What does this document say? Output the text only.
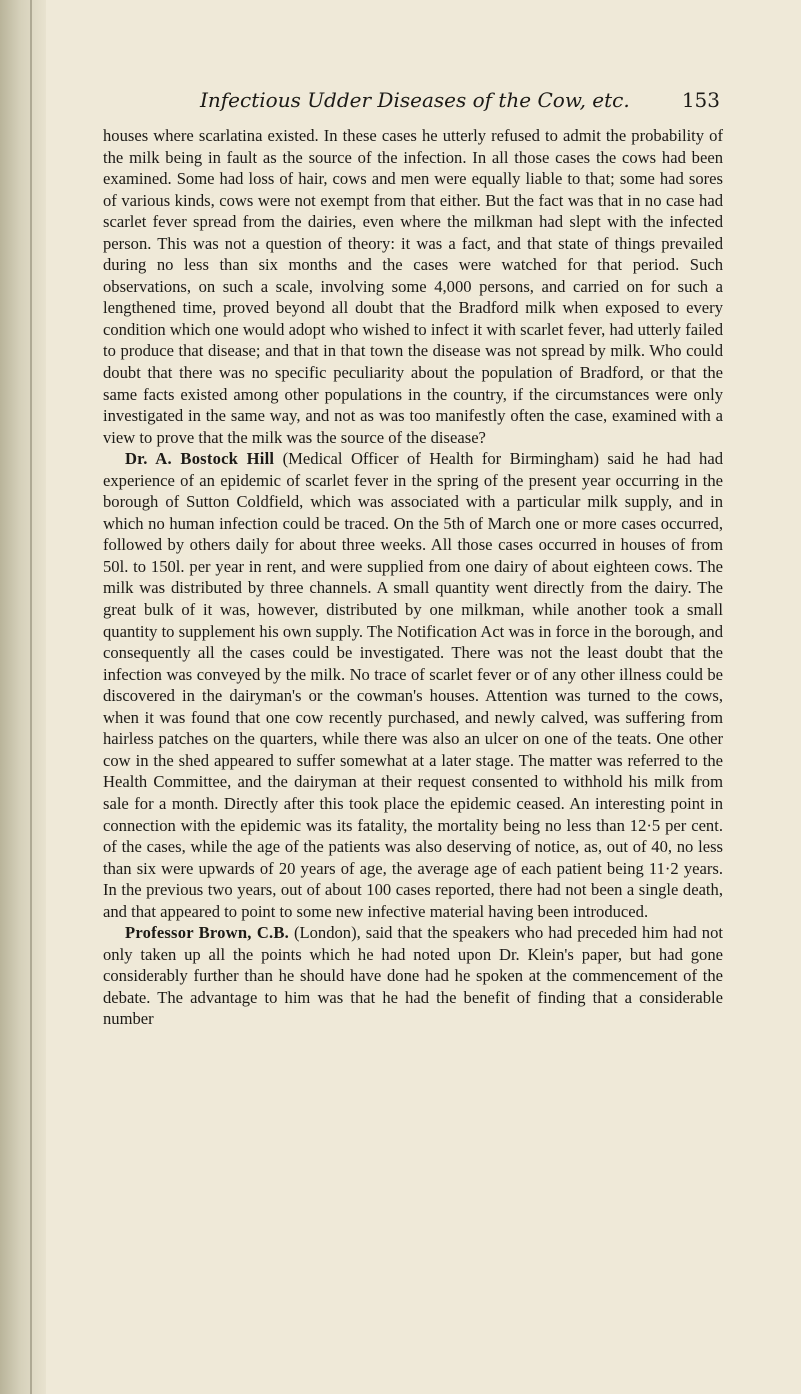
Infectious Udder Diseases of the Cow, etc.	153

houses where scarlatina existed. In these cases he utterly refused to admit the probability of the milk being in fault as the source of the infection. In all those cases the cows had been examined. Some had loss of hair, cows and men were equally liable to that; some had sores of various kinds, cows were not exempt from that either. But the fact was that in no case had scarlet fever spread from the dairies, even where the milkman had slept with the infected person. This was not a question of theory: it was a fact, and that state of things prevailed during no less than six months and the cases were watched for that period. Such observations, on such a scale, involving some 4,000 persons, and carried on for such a lengthened time, proved beyond all doubt that the Bradford milk when exposed to every condition which one would adopt who wished to infect it with scarlet fever, had utterly failed to produce that disease; and that in that town the disease was not spread by milk. Who could doubt that there was no specific peculiarity about the population of Bradford, or that the same facts existed among other populations in the country, if the circumstances were only investigated in the same way, and not as was too manifestly often the case, examined with a view to prove that the milk was the source of the disease?

Dr. A. Bostock Hill (Medical Officer of Health for Birmingham) said he had had experience of an epidemic of scarlet fever in the spring of the present year occurring in the borough of Sutton Coldfield, which was associated with a particular milk supply, and in which no human infection could be traced. On the 5th of March one or more cases occurred, followed by others daily for about three weeks. All those cases occurred in houses of from 50l. to 150l. per year in rent, and were supplied from one dairy of about eighteen cows. The milk was distributed by three channels. A small quantity went directly from the dairy. The great bulk of it was, however, distributed by one milkman, while another took a small quantity to supplement his own supply. The Notification Act was in force in the borough, and consequently all the cases could be investigated. There was not the least doubt that the infection was conveyed by the milk. No trace of scarlet fever or of any other illness could be discovered in the dairyman's or the cowman's houses. Attention was turned to the cows, when it was found that one cow recently purchased, and newly calved, was suffering from hairless patches on the quarters, while there was also an ulcer on one of the teats. One other cow in the shed appeared to suffer somewhat at a later stage. The matter was referred to the Health Committee, and the dairyman at their request consented to withhold his milk from sale for a month. Directly after this took place the epidemic ceased. An interesting point in connection with the epidemic was its fatality, the mortality being no less than 12·5 per cent. of the cases, while the age of the patients was also deserving of notice, as, out of 40, no less than six were upwards of 20 years of age, the average age of each patient being 11·2 years. In the previous two years, out of about 100 cases reported, there had not been a single death, and that appeared to point to some new infective material having been introduced.

Professor Brown, C.B. (London), said that the speakers who had preceded him had not only taken up all the points which he had noted upon Dr. Klein's paper, but had gone considerably further than he should have done had he spoken at the commencement of the debate. The advantage to him was that he had the benefit of finding that a considerable number
